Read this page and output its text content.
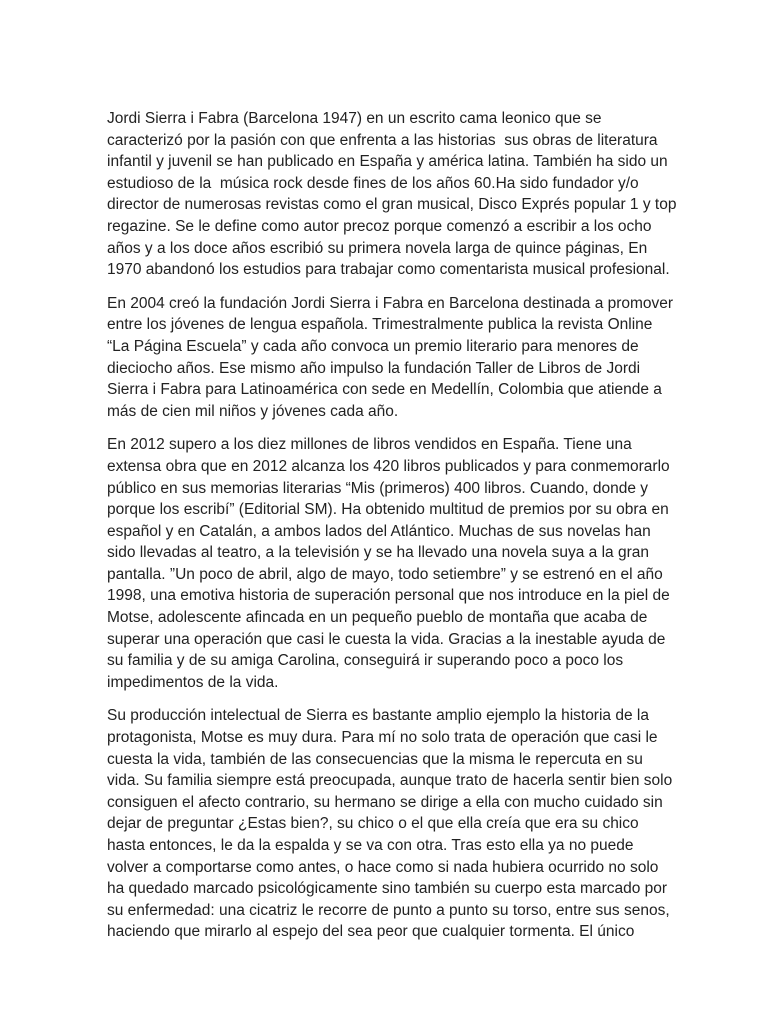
Jordi Sierra i Fabra (Barcelona 1947) en un escrito cama leonico que se
caracterizó por la pasión con que enfrenta a las historias  sus obras de literatura
infantil y juvenil se han publicado en España y américa latina. También ha sido un
estudioso de la  música rock desde fines de los años 60.Ha sido fundador y/o
director de numerosas revistas como el gran musical, Disco Exprés popular 1 y top
regazine. Se le define como autor precoz porque comenzó a escribir a los ocho
años y a los doce años escribió su primera novela larga de quince páginas, En
1970 abandonó los estudios para trabajar como comentarista musical profesional.

En 2004 creó la fundación Jordi Sierra i Fabra en Barcelona destinada a promover
entre los jóvenes de lengua española. Trimestralmente publica la revista Online
“La Página Escuela” y cada año convoca un premio literario para menores de
dieciocho años. Ese mismo año impulso la fundación Taller de Libros de Jordi
Sierra i Fabra para Latinoamérica con sede en Medellín, Colombia que atiende a
más de cien mil niños y jóvenes cada año.

En 2012 supero a los diez millones de libros vendidos en España. Tiene una
extensa obra que en 2012 alcanza los 420 libros publicados y para conmemorarlo
público en sus memorias literarias “Mis (primeros) 400 libros. Cuando, donde y
porque los escribí” (Editorial SM). Ha obtenido multitud de premios por su obra en
español y en Catalán, a ambos lados del Atlántico. Muchas de sus novelas han
sido llevadas al teatro, a la televisión y se ha llevado una novela suya a la gran
pantalla. ”Un poco de abril, algo de mayo, todo setiembre” y se estrenó en el año
1998, una emotiva historia de superación personal que nos introduce en la piel de
Motse, adolescente afincada en un pequeño pueblo de montaña que acaba de
superar una operación que casi le cuesta la vida. Gracias a la inestable ayuda de
su familia y de su amiga Carolina, conseguirá ir superando poco a poco los
impedimentos de la vida.

Su producción intelectual de Sierra es bastante amplio ejemplo la historia de la
protagonista, Motse es muy dura. Para mí no solo trata de operación que casi le
cuesta la vida, también de las consecuencias que la misma le repercuta en su
vida. Su familia siempre está preocupada, aunque trato de hacerla sentir bien solo
consiguen el afecto contrario, su hermano se dirige a ella con mucho cuidado sin
dejar de preguntar ¿Estas bien?, su chico o el que ella creía que era su chico
hasta entonces, le da la espalda y se va con otra. Tras esto ella ya no puede
volver a comportarse como antes, o hace como si nada hubiera ocurrido no solo
ha quedado marcado psicológicamente sino también su cuerpo esta marcado por
su enfermedad: una cicatriz le recorre de punto a punto su torso, entre sus senos,
haciendo que mirarlo al espejo del sea peor que cualquier tormenta. El único
